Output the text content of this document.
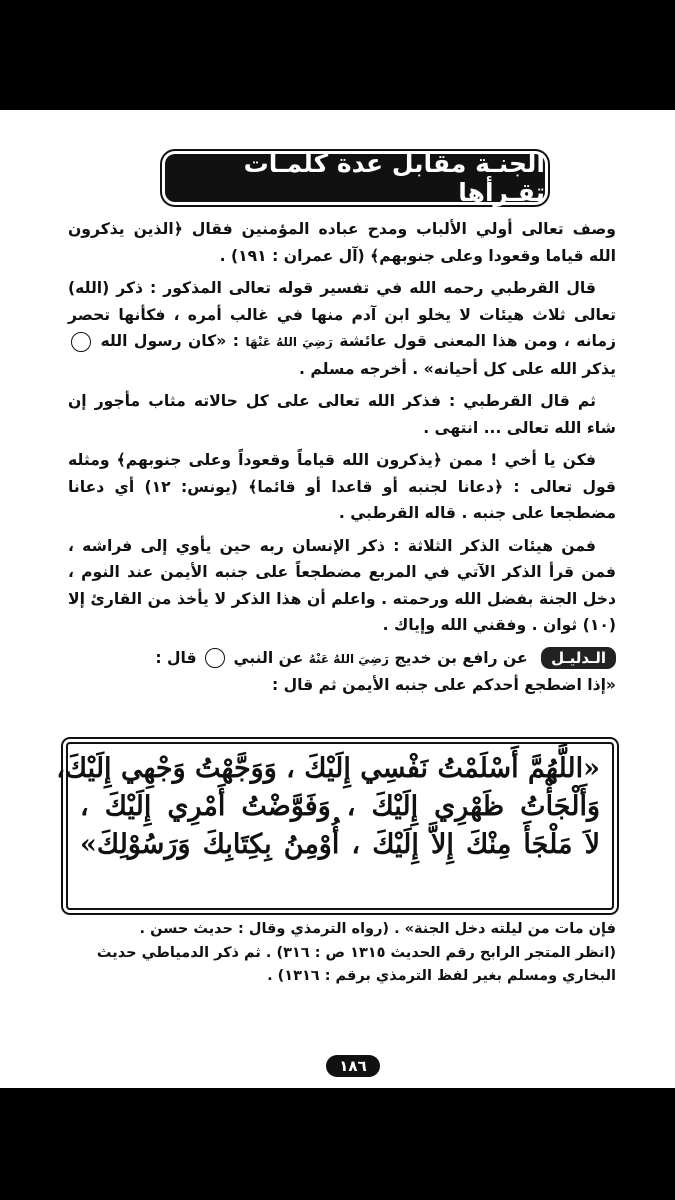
الجنـة مقابل عدة كلمـات تقـرأها

وصف تعالى أولي الألباب ومدح عباده المؤمنين فقال ﴿الذين يذكرون الله قياما وقعودا وعلى جنوبهم﴾ (آل عمران : ١٩١) .

قال القرطبي رحمه الله في تفسير قوله تعالى المذكور : ذكر (الله) تعالى ثلاث هيئات لا يخلو ابن آدم منها في غالب أمره ، فكأنها تحصر زمانه ، ومن هذا المعنى قول عائشة رَضِيَ اللهُ عَنْهَا : «كان رسول الله  يذكر الله على كل أحيانه» . أخرجه مسلم .

ثم قال القرطبي : فذكر الله تعالى على كل حالاته مثاب مأجور إن شاء الله تعالى ... انتهى .

فكن يا أخي ! ممن ﴿يذكرون الله قياماً وقعوداً وعلى جنوبهم﴾ ومثله قول تعالى : ﴿دعانا لجنبه أو قاعدا أو قائما﴾ (يونس: ١٢) أي دعانا مضطجعا على جنبه . قاله القرطبي .

فمن هيئات الذكر الثلاثة : ذكر الإنسان ربه حين يأوي إلى فراشه ، فمن قرأ الذكر الآتي في المربع مضطجعاً على جنبه الأيمن عند النوم ، دخل الجنة بفضل الله ورحمته . واعلم أن هذا الذكر لا يأخذ من القارئ إلا (١٠) ثوان . وفقني الله وإياك .

الـدليـل عن رافع بن خديج رَضِيَ اللهُ عَنْهُ عن النبي  قال :

«إذا اضطجع أحدكم على جنبه الأيمن ثم قال :

«اللَّهُمَّ أَسْلَمْتُ نَفْسِي إِلَيْكَ ، وَوَجَّهْتُ وَجْهِي إِلَيْكَ،
وَأَلْجَأْتُ ظَهْرِي إِلَيْكَ ، وَفَوَّضْتُ أَمْرِي إِلَيْكَ ،
لاَ مَلْجَأَ مِنْكَ إِلاَّ إِلَيْكَ ، أُوْمِنُ بِكِتَابِكَ وَرَسُوْلِكَ»

فإن مات من ليلته دخل الجنة» . (رواه الترمذي وقال : حديث حسن .

(انظر المتجر الرابح رقم الحديث ١٣١٥ ص : ٣١٦) . ثم ذكر الدمياطي حديث

البخاري ومسلم بغير لفظ الترمذي برقم : ١٣١٦) .

١٨٦
